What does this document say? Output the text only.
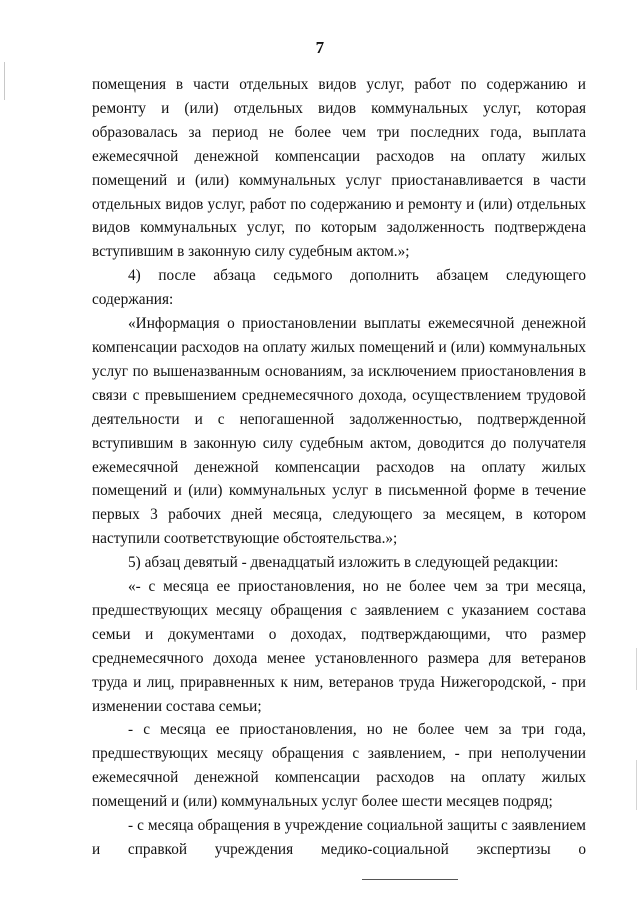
7

помещения в части отдельных видов услуг, работ по содержанию и ремонту и (или) отдельных видов коммунальных услуг, которая образовалась за период не более чем три последних года, выплата ежемесячной денежной компенсации расходов на оплату жилых помещений и (или) коммунальных услуг приостанавливается в части отдельных видов услуг, работ по содержанию и ремонту и (или) отдельных видов коммунальных услуг, по которым задолженность подтверждена вступившим в законную силу судебным актом.»;

4) после абзаца седьмого дополнить абзацем следующего содержания:

«Информация о приостановлении выплаты ежемесячной денежной компенсации расходов на оплату жилых помещений и (или) коммунальных услуг по вышеназванным основаниям, за исключением приостановления в связи с превышением среднемесячного дохода, осуществлением трудовой деятельности и с непогашенной задолженностью, подтвержденной вступившим в законную силу судебным актом, доводится до получателя ежемесячной денежной компенсации расходов на оплату жилых помещений и (или) коммунальных услуг в письменной форме в течение первых 3 рабочих дней месяца, следующего за месяцем, в котором наступили соответствующие обстоятельства.»;

5) абзац девятый - двенадцатый изложить в следующей редакции:

«- с месяца ее приостановления, но не более чем за три месяца, предшествующих месяцу обращения с заявлением с указанием состава семьи и документами о доходах, подтверждающими, что размер среднемесячного дохода менее установленного размера для ветеранов труда и лиц, приравненных к ним, ветеранов труда Нижегородской, - при изменении состава семьи;

- с месяца ее приостановления, но не более чем за три года, предшествующих месяцу обращения с заявлением, - при неполучении ежемесячной денежной компенсации расходов на оплату жилых помещений и (или) коммунальных услуг более шести месяцев подряд;

- с месяца обращения в учреждение социальной защиты с заявлением и справкой учреждения медико-социальной экспертизы о
